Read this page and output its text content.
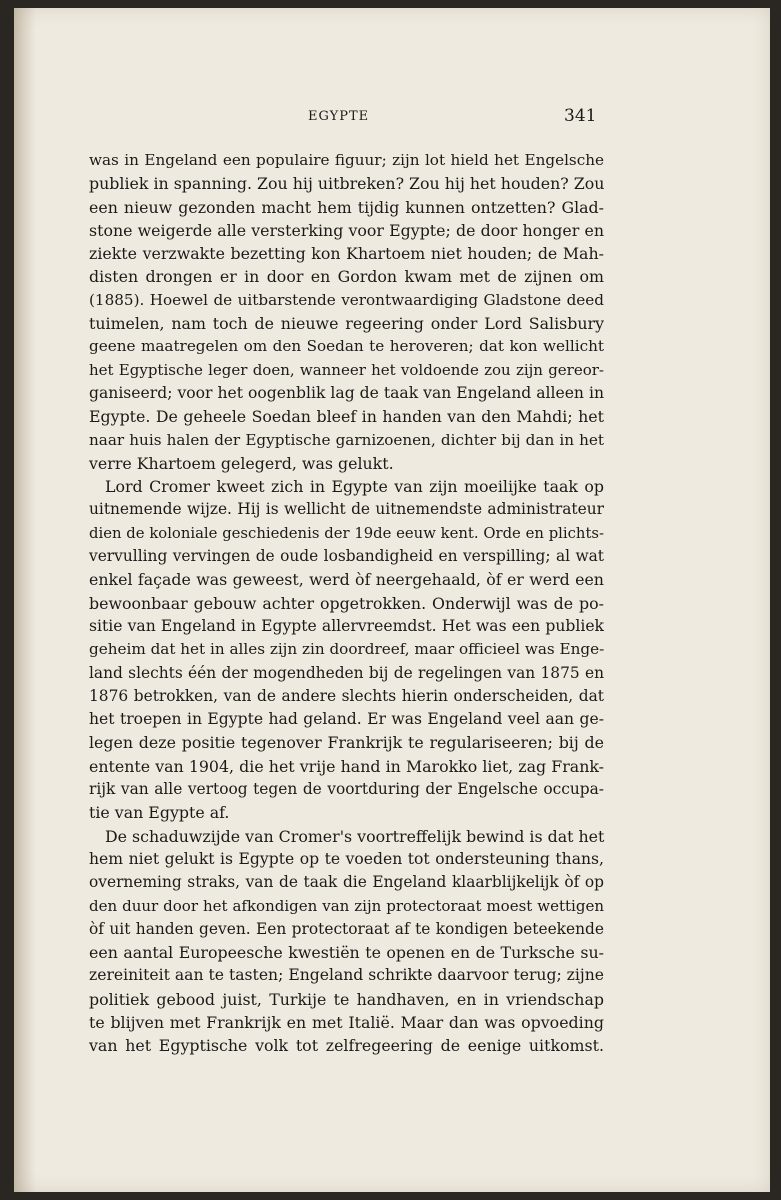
EGYPTE	341

was in Engeland een populaire figuur; zijn lot hield het Engelsche

publiek in spanning. Zou hij uitbreken? Zou hij het houden? Zou

een nieuw gezonden macht hem tijdig kunnen ontzetten? Glad-

stone weigerde alle versterking voor Egypte; de door honger en

ziekte verzwakte bezetting kon Khartoem niet houden; de Mah-

disten drongen er in door en Gordon kwam met de zijnen om

(1885). Hoewel de uitbarstende verontwaardiging Gladstone deed

tuimelen, nam toch de nieuwe regeering onder Lord Salisbury

geene maatregelen om den Soedan te heroveren; dat kon wellicht

het Egyptische leger doen, wanneer het voldoende zou zijn gereor-

ganiseerd; voor het oogenblik lag de taak van Engeland alleen in

Egypte. De geheele Soedan bleef in handen van den Mahdi; het

naar huis halen der Egyptische garnizoenen, dichter bij dan in het

verre Khartoem gelegerd, was gelukt.

Lord Cromer kweet zich in Egypte van zijn moeilijke taak op

uitnemende wijze. Hij is wellicht de uitnemendste administrateur

dien de koloniale geschiedenis der 19de eeuw kent. Orde en plichts-

vervulling vervingen de oude losbandigheid en verspilling; al wat

enkel façade was geweest, werd òf neergehaald, òf er werd een

bewoonbaar gebouw achter opgetrokken. Onderwijl was de po-

sitie van Engeland in Egypte allervreemdst. Het was een publiek

geheim dat het in alles zijn zin doordreef, maar officieel was Enge-

land slechts één der mogendheden bij de regelingen van 1875 en

1876 betrokken, van de andere slechts hierin onderscheiden, dat

het troepen in Egypte had geland. Er was Engeland veel aan ge-

legen deze positie tegenover Frankrijk te regulariseeren; bij de

entente van 1904, die het vrije hand in Marokko liet, zag Frank-

rijk van alle vertoog tegen de voortduring der Engelsche occupa-

tie van Egypte af.

De schaduwzijde van Cromer's voortreffelijk bewind is dat het

hem niet gelukt is Egypte op te voeden tot ondersteuning thans,

overneming straks, van de taak die Engeland klaarblijkelijk òf op

den duur door het afkondigen van zijn protectoraat moest wettigen

òf uit handen geven. Een protectoraat af te kondigen beteekende

een aantal Europeesche kwestiën te openen en de Turksche su-

zereiniteit aan te tasten; Engeland schrikte daarvoor terug; zijne

politiek gebood juist, Turkije te handhaven, en in vriendschap

te blijven met Frankrijk en met Italië. Maar dan was opvoeding

van het Egyptische volk tot zelfregeering de eenige uitkomst.
